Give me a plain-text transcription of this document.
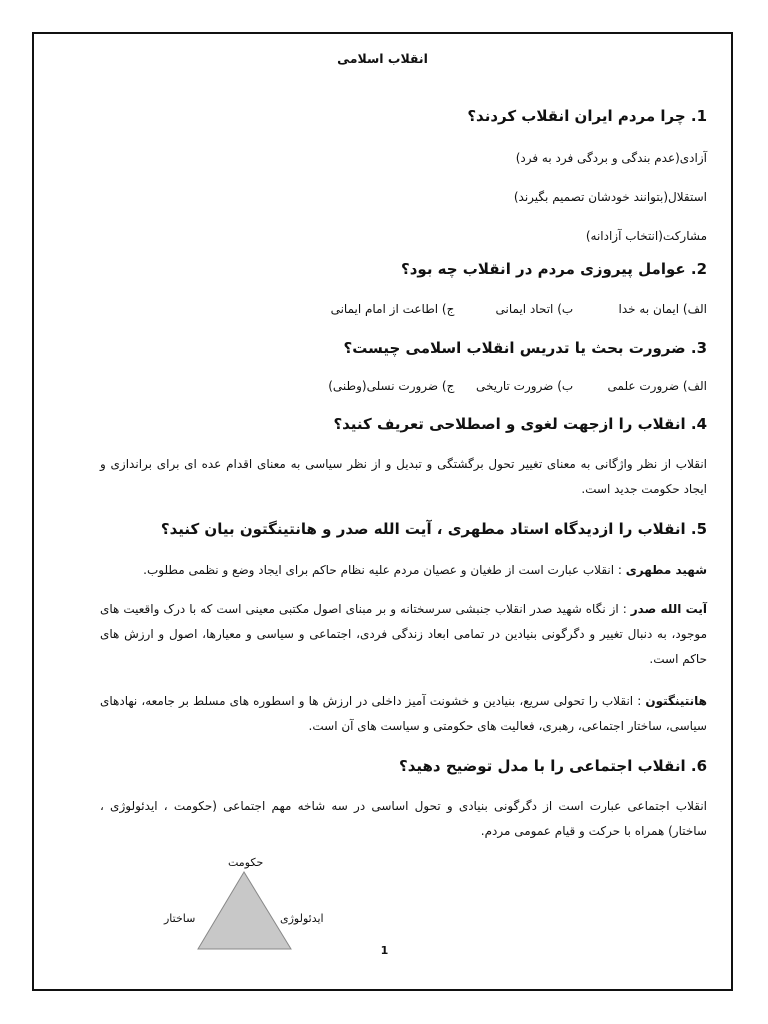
انقلاب اسلامی
1. چرا مردم ایران انقلاب کردند؟
آزادی(عدم بندگی و بردگی فرد به فرد)
استقلال(بتوانند خودشان تصمیم بگیرند)
مشارکت(انتخاب آزادانه)
2. عوامل پیروزی مردم در انقلاب چه بود؟
الف) ایمان به خدا ب) اتحاد ایمانی ج) اطاعت از امام ایمانی
3. ضرورت بحث یا تدریس انقلاب اسلامی چیست؟
الف) ضرورت علمی ب) ضرورت تاریخی ج) ضرورت نسلی(وطنی)
4. انقلاب را ازجهت لغوی و اصطلاحی تعریف کنید؟
انقلاب از نظر واژگانی به معنای تغییر تحول برگشتگی و تبدیل و از نظر سیاسی به معنای اقدام عده ای برای براندازی و ایجاد حکومت جدید است.
5. انقلاب را ازدیدگاه استاد مطهری ، آیت الله صدر و هانتینگتون بیان کنید؟
شهید مطهری : انقلاب عبارت است از طغیان و عصیان مردم علیه نظام حاکم برای ایجاد وضع و نظمی مطلوب.
آیت الله صدر : از نگاه شهید صدر انقلاب جنبشی سرسختانه و بر مبنای اصول مکتبی معینی است که با درک واقعیت های موجود، به دنبال تغییر و دگرگونی بنیادین در تمامی ابعاد زندگی فردی، اجتماعی و سیاسی و معیارها، اصول و ارزش های حاکم است.
هانتینگتون : انقلاب را تحولی سریع، بنیادین و خشونت آمیز داخلی در ارزش ها و اسطوره های مسلط بر جامعه، نهادهای سیاسی، ساختار اجتماعی، رهبری، فعالیت های حکومتی و سیاست های آن است.
6. انقلاب اجتماعی را با مدل توضیح دهید؟
انقلاب اجتماعی عبارت است از دگرگونی بنیادی و تحول اساسی در سه شاخه مهم اجتماعی (حکومت ، ایدئولوژی ، ساختار) همراه با حرکت و قیام عمومی مردم.
حکومت
ساختار	ایدئولوژی
1
